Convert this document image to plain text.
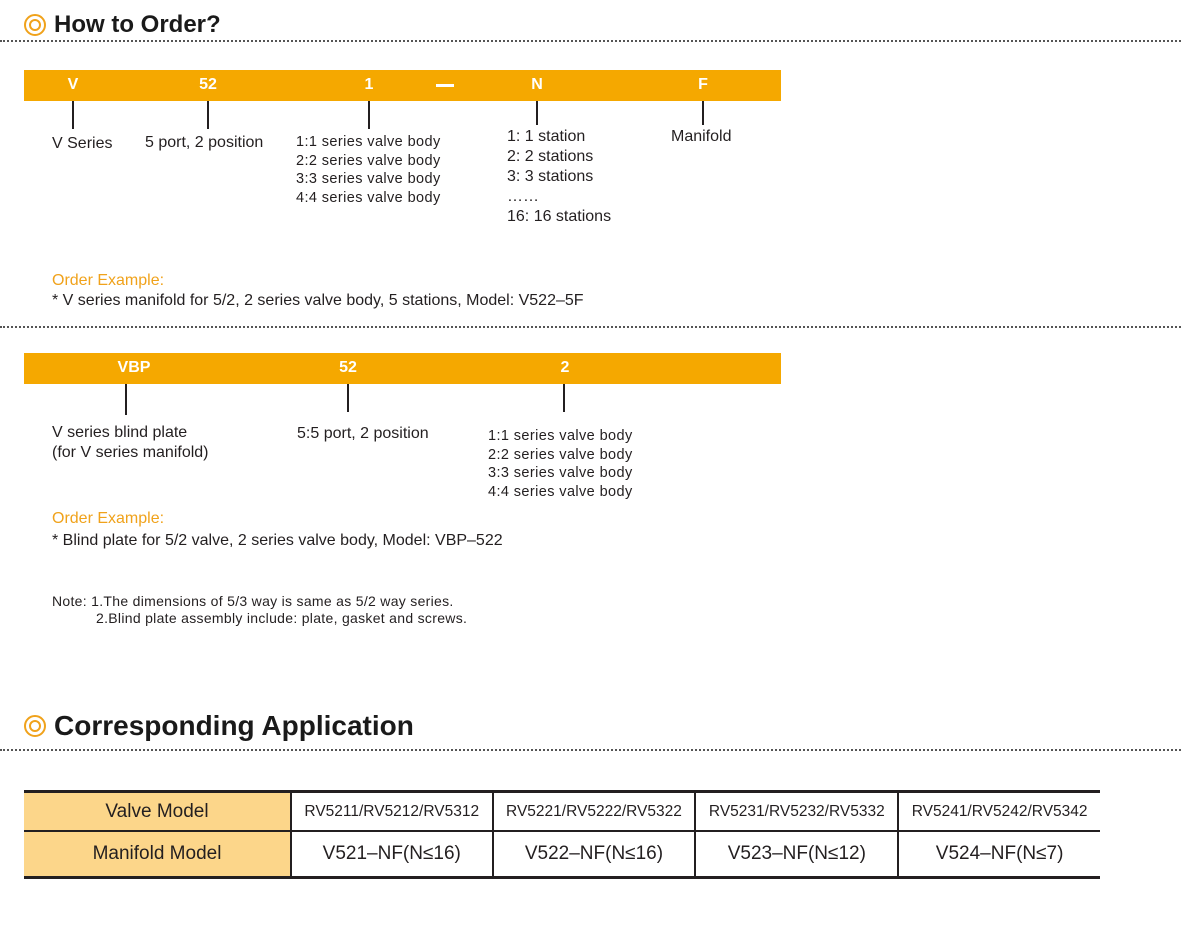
How to Order?
V	52	1	N	F
V Series 5 port, 2 position 1:1 series valve body
2:2 series valve body
3:3 series valve body
4:4 series valve body
1: 1 station
2: 2 stations
3: 3 stations
……
16: 16 stations
Manifold
Order Example:
* V series manifold for 5/2, 2 series valve body, 5 stations, Model: V522–5F
VBP	52	2
V series blind plate
(for V series manifold)
5:5 port, 2 position	1:1 series valve body
2:2 series valve body
3:3 series valve body
4:4 series valve body
Order Example:
* Blind plate for 5/2 valve, 2 series valve body, Model: VBP–522
Note: 1.The dimensions of 5/3 way is same as 5/2 way series.
2.Blind plate assembly include: plate, gasket and screws.
Corresponding Application
Valve Model	RV5211/RV5212/RV5312	RV5221/RV5222/RV5322	RV5231/RV5232/RV5332	RV5241/RV5242/RV5342
Manifold Model	V521–NF(N≤16)	V522–NF(N≤16)	V523–NF(N≤12)	V524–NF(N≤7)
